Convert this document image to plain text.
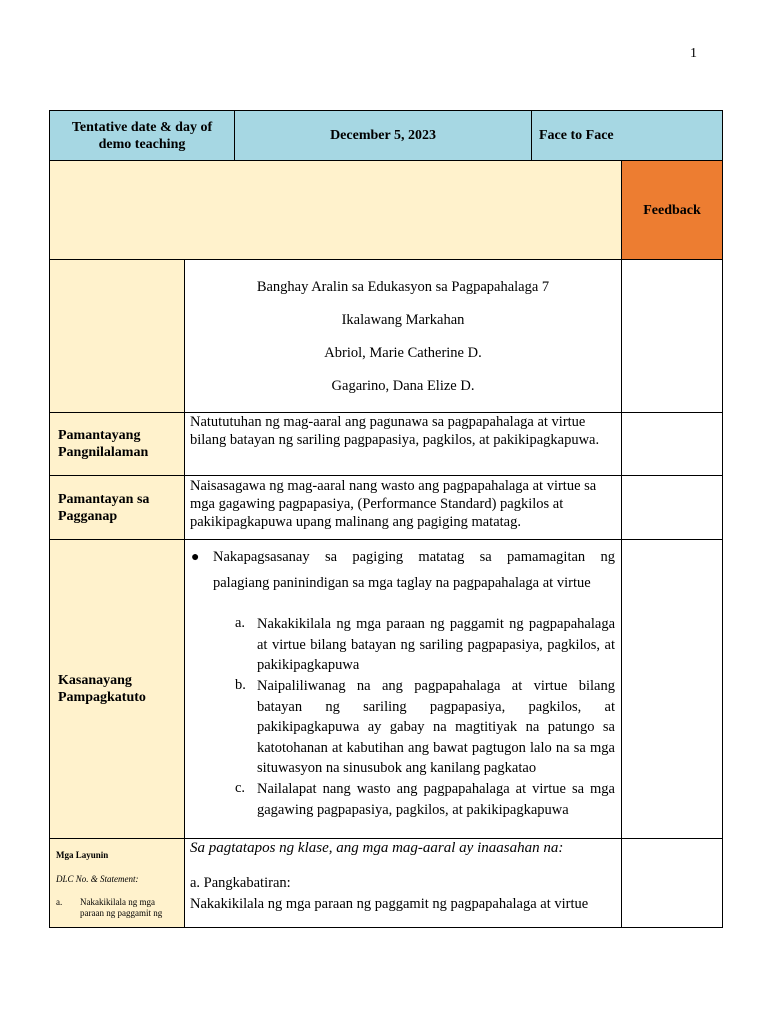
1
Tentative date & day of demo teaching
December 5, 2023	Face to Face
Feedback
Banghay Aralin sa Edukasyon sa Pagpapahalaga 7
Ikalawang Markahan
Abriol, Marie Catherine D.
Gagarino, Dana Elize D.
Pamantayang Pangnilalaman
Natututuhan ng mag-aaral ang pagunawa sa pagpapahalaga at virtue bilang batayan ng sariling pagpapasiya, pagkilos, at pakikipagkapuwa.
Pamantayan sa Pagganap
Naisasagawa ng mag-aaral nang wasto ang pagpapahalaga at virtue sa mga gagawing pagpapasiya, (Performance Standard) pagkilos at pakikipagkapuwa upang malinang ang pagiging matatag.
Kasanayang Pampagkatuto
● Nakapagsasanay sa pagiging matatag sa pamamagitan ng
palagiang paninindigan sa mga taglay na pagpapahalaga at virtue
a. Nakakikilala ng mga paraan ng paggamit ng pagpapahalaga at virtue bilang batayan ng sariling pagpapasiya, pagkilos, at pakikipagkapuwa
b. Naipaliliwanag na ang pagpapahalaga at virtue bilang batayan ng sariling pagpapasiya, pagkilos, at pakikipagkapuwa ay gabay na magtitiyak na patungo sa katotohanan at kabutihan ang bawat pagtugon lalo na sa mga situwasyon na sinusubok ang kanilang pagkatao
c. Nailalapat nang wasto ang pagpapahalaga at virtue sa mga gagawing pagpapasiya, pagkilos, at pakikipagkapuwa
Mga Layunin
DLC No. & Statement:
a. Nakakikilala ng mga paraan ng paggamit ng
Sa pagtatapos ng klase, ang mga mag-aaral ay inaasahan na:
a. Pangkabatiran:
Nakakikilala ng mga paraan ng paggamit ng pagpapahalaga at virtue
